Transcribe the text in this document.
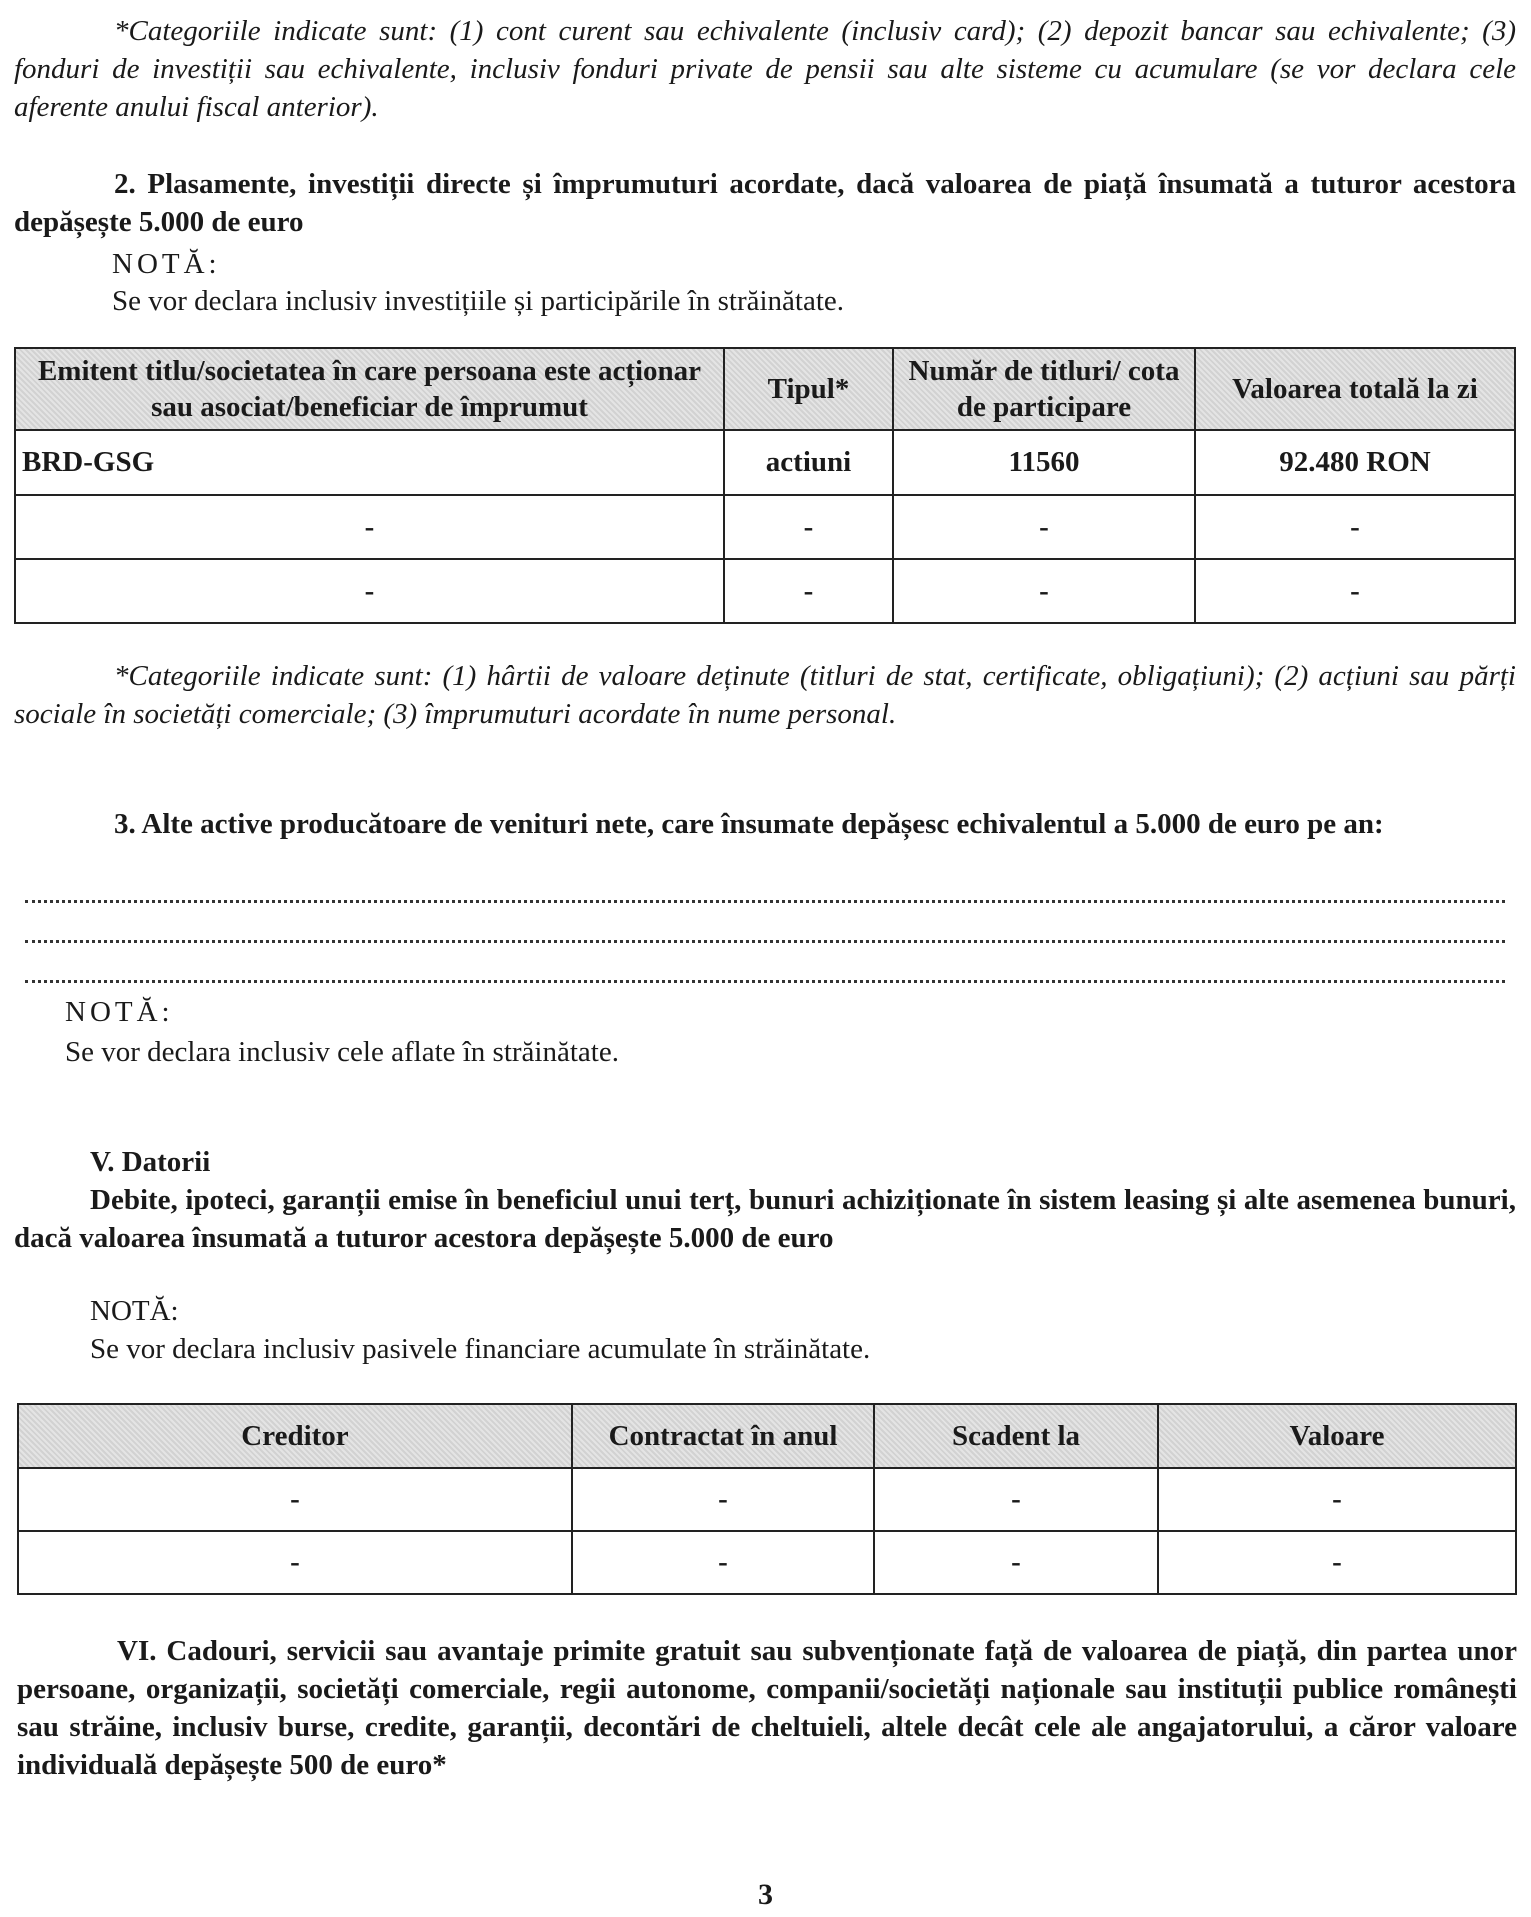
*Categoriile indicate sunt: (1) cont curent sau echivalente (inclusiv card); (2) depozit bancar sau echivalente; (3) fonduri de investiții sau echivalente, inclusiv fonduri private de pensii sau alte sisteme cu acumulare (se vor declara cele aferente anului fiscal anterior).
2. Plasamente, investiții directe și împrumuturi acordate, dacă valoarea de piață însumată a tuturor acestora depășește 5.000 de euro
NOTĂ:
Se vor declara inclusiv investițiile și participările în străinătate.
Emitent titlu/societatea în care persoana este acționar sau asociat/beneficiar de împrumut	Tipul*	Număr de titluri/ cota de participare	Valoarea totală la zi
BRD-GSG	actiuni	11560	92.480 RON
-	-	-	-
-	-	-	-
*Categoriile indicate sunt: (1) hârtii de valoare deținute (titluri de stat, certificate, obligațiuni); (2) acțiuni sau părți sociale în societăți comerciale; (3) împrumuturi acordate în nume personal.
3. Alte active producătoare de venituri nete, care însumate depășesc echivalentul a 5.000 de euro pe an:
NOTĂ:
Se vor declara inclusiv cele aflate în străinătate.
V. Datorii
Debite, ipoteci, garanții emise în beneficiul unui terț, bunuri achiziționate în sistem leasing și alte asemenea bunuri, dacă valoarea însumată a tuturor acestora depășește 5.000 de euro
NOTĂ:
Se vor declara inclusiv pasivele financiare acumulate în străinătate.
Creditor	Contractat în anul	Scadent la	Valoare
-	-	-	-
-	-	-	-
VI. Cadouri, servicii sau avantaje primite gratuit sau subvenționate față de valoarea de piață, din partea unor persoane, organizații, societăți comerciale, regii autonome, companii/societăți naționale sau instituții publice românești sau străine, inclusiv burse, credite, garanții, decontări de cheltuieli, altele decât cele ale angajatorului, a căror valoare individuală depășește 500 de euro*
3
